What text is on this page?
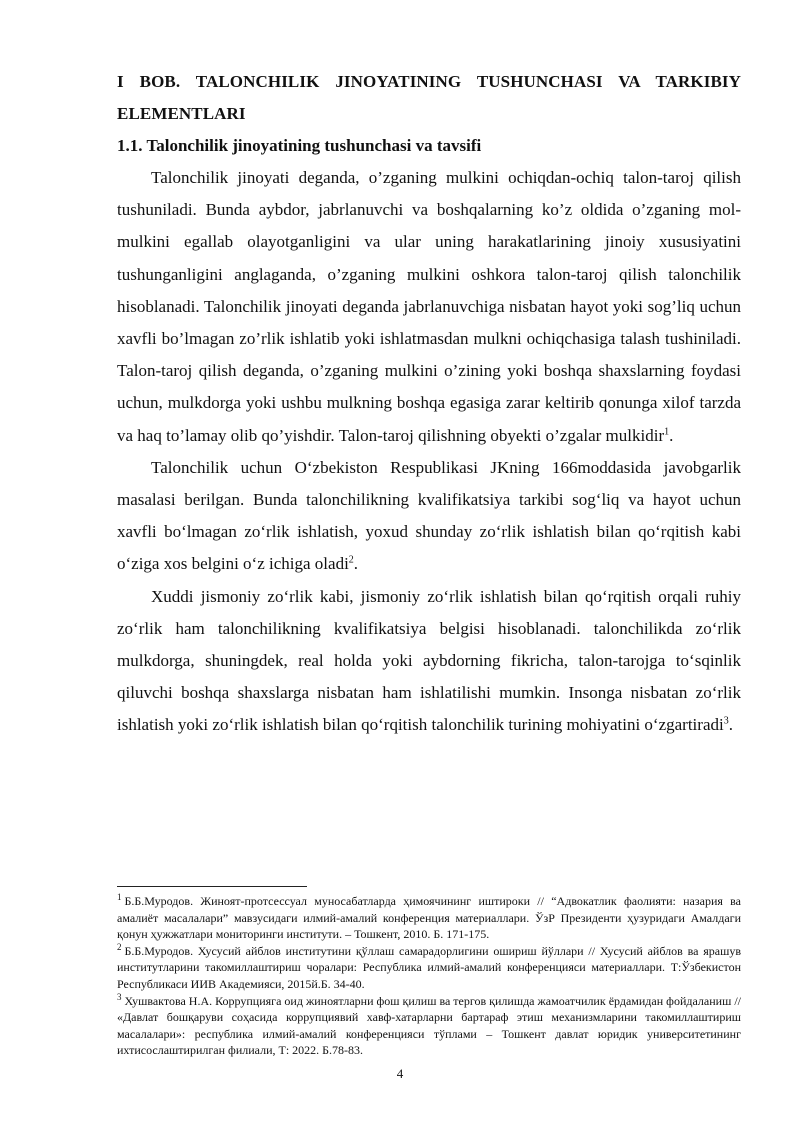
I BOB. TALONCHILIK JINOYATINING TUSHUNCHASI VA TARKIBIY ELEMENTLARI
1.1. Talonchilik jinoyatining tushunchasi va tavsifi

Talonchilik jinoyati deganda, o’zganing mulkini ochiqdan-ochiq talon-taroj qilish tushuniladi. Bunda aybdor, jabrlanuvchi va boshqalarning ko’z oldida o’zganing mol-mulkini egallab olayotganligini va ular uning harakatlarining jinoiy xususiyatini tushunganligini anglaganda, o’zganing mulkini oshkora talon-taroj qilish talonchilik hisoblanadi. Talonchilik jinoyati deganda jabrlanuvchiga nisbatan hayot yoki sog’liq uchun xavfli bo’lmagan zo’rlik ishlatib yoki ishlatmasdan mulkni ochiqchasiga talash tushiniladi. Talon-taroj qilish deganda, o’zganing mulkini o’zining yoki boshqa shaxslarning foydasi uchun, mulkdorga yoki ushbu mulkning boshqa egasiga zarar keltirib qonunga xilof tarzda va haq to’lamay olib qo’yishdir. Talon-taroj qilishning obyekti o’zgalar mulkidir$^1$.

Talonchilik uchun O‘zbekiston Respublikasi JKning 166moddasida javobgarlik masalasi berilgan. Bunda talonchilikning kvalifikatsiya tarkibi sog‘liq va hayot uchun xavfli bo‘lmagan zo‘rlik ishlatish, yoxud shunday zo‘rlik ishlatish bilan qo‘rqitish kabi o‘ziga xos belgini o‘z ichiga oladi$^2$.

Xuddi jismoniy zo‘rlik kabi, jismoniy zo‘rlik ishlatish bilan qo‘rqitish orqali ruhiy zo‘rlik ham talonchilikning kvalifikatsiya belgisi hisoblanadi. talonchilikda zo‘rlik mulkdorga, shuningdek, real holda yoki aybdorning fikricha, talon-tarojga to‘sqinlik qiluvchi boshqa shaxslarga nisbatan ham ishlatilishi mumkin. Insonga nisbatan zo‘rlik ishlatish yoki zo‘rlik ishlatish bilan qo‘rqitish talonchilik turining mohiyatini o‘zgartiradi$^3$.

$^1$ Б.Б.Муродов. Жиноят-протсессуал муносабатларда ҳимоячининг иштироки // “Адвокатлик фаолияти: назария ва амалиёт масалалари” мавзусидаги илмий-амалий конференция материаллари. ЎзР Президенти ҳузуридаги Амалдаги қонун ҳужжатлари мониторинги институти. – Тошкент, 2010. Б. 171-175.

$^2$ Б.Б.Муродов. Хусусий айблов институтини қўллаш самарадорлигини ошириш йўллари // Хусусий айблов ва ярашув институтларини такомиллаштириш чоралари: Республика илмий-амалий конференцияси материаллари. Т:Ўзбекистон Республикаси ИИВ Академияси, 2015й.Б. 34-40.

$^3$ Хушвактова Н.А. Коррупцияга оид жиноятларни фош қилиш ва тергов қилишда жамоатчилик ёрдамидан фойдаланиш // «Давлат бошқаруви соҳасида коррупциявий хавф-хатарларни бартараф этиш механизмларини такомиллаштириш масалалари»: республика илмий-амалий конференцияси тўплами – Тошкент давлат юридик университетининг ихтисослаштирилган филиали, Т: 2022. Б.78-83.

4
